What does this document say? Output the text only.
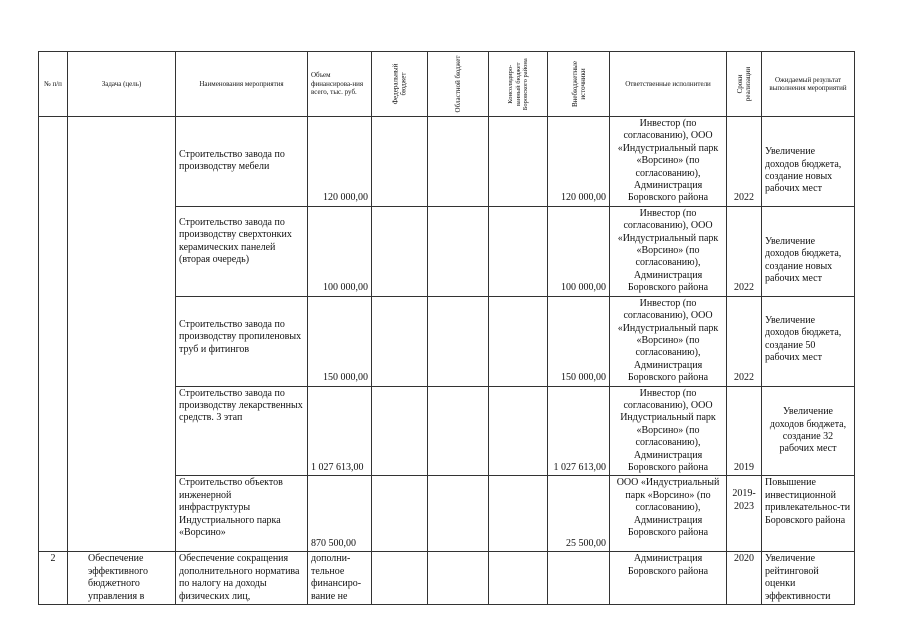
№ п/п	Задача (цель)	Наименования мероприятия	Объем финансирова-ния всего, тыс. руб.	Федеральный бюджет	Областной бюджет	Консолидиро-ванный бюджет Боровского района	Внебюджетные источники	Ответственные исполнители	Сроки реализации	Ожидаемый результат выполнения мероприятий
		Строительство завода по производству мебели	120 000,00				120 000,00	Инвестор (по согласованию), ООО «Индустриальный парк «Ворсино» (по согласованию), Администрация Боровского района	2022	Увеличение доходов бюджета, создание новых рабочих мест
		Строительство завода по производству сверхтонких керамических панелей (вторая очередь)	100 000,00				100 000,00	Инвестор (по согласованию), ООО «Индустриальный парк «Ворсино» (по согласованию), Администрация Боровского района	2022	Увеличение доходов бюджета, создание новых рабочих мест
		Строительство завода по производству пропиленовых труб и фитингов	150 000,00				150 000,00	Инвестор (по согласованию), ООО «Индустриальный парк «Ворсино» (по согласованию), Администрация Боровского района	2022	Увеличение доходов бюджета, создание 50 рабочих мест
		Строительство завода по производству лекарственных средств. 3 этап	1 027 613,00				1 027 613,00	Инвестор (по согласованию), ООО Индустриальный парк «Ворсино» (по согласованию), Администрация Боровского района	2019	Увеличение доходов бюджета, создание 32 рабочих мест
		Строительство объектов инженерной инфраструктуры Индустриального парка «Ворсино»	870 500,00				25 500,00	ООО «Индустриальный парк «Ворсино» (по согласованию), Администрация Боровского района	2019-2023	Повышение инвестиционной привлекательнос-ти Боровского района
2	Обеспечение эффективного бюджетного управления в	Обеспечение сокращения дополнительного норматива по налогу на доходы физических лиц,	дополни-тельное финансиро-вание не					Администрация Боровского района	2020	Увеличение рейтинговой оценки эффективности
